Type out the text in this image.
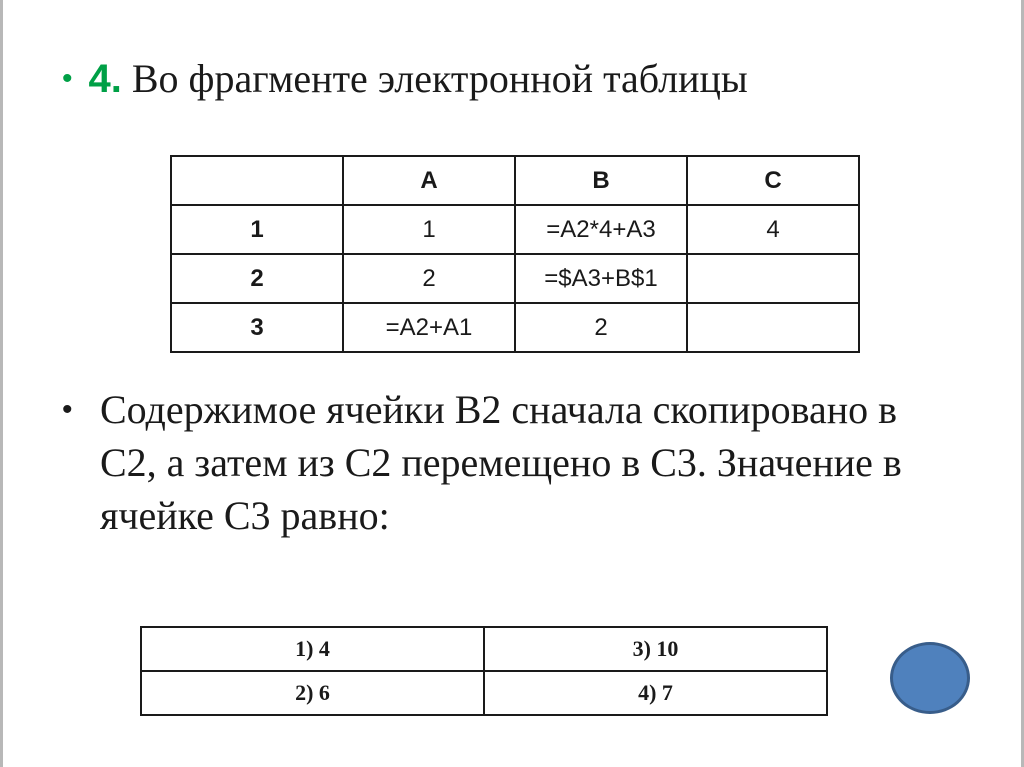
• 4. Во фрагменте электронной таблицы
	A	B	C
1	1	=A2*4+A3	4
2	2	=$A3+B$1	
3	=A2+A1	2	
• Содержимое ячейки B2 сначала скопировано в C2, а затем из C2 перемещено в C3. Значение в ячейке C3 равно:
1) 4	3) 10
2) 6	4) 7
